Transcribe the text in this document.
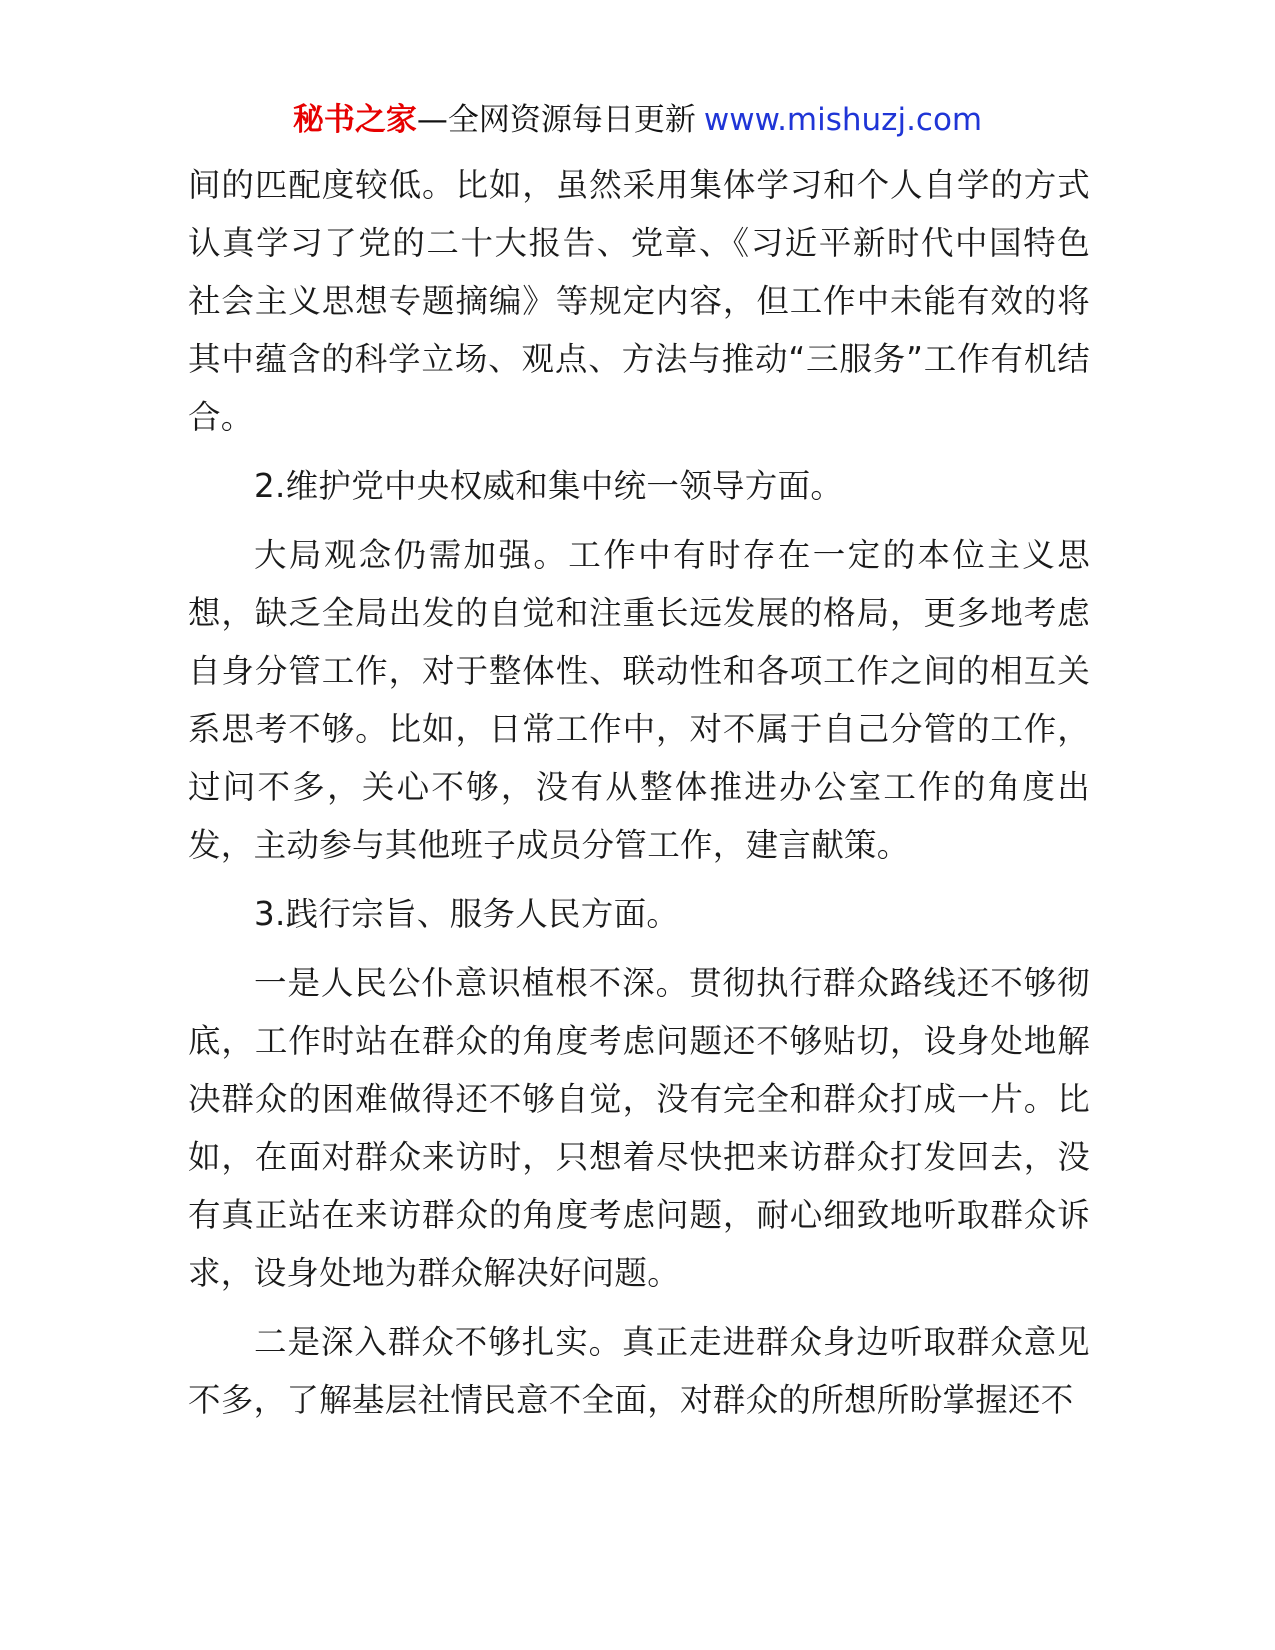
秘书之家—全网资源每日更新 www.mishuzj.com

间的匹配度较低。比如，虽然采用集体学习和个人自学的方式认真学习了党的二十大报告、党章、《习近平新时代中国特色社会主义思想专题摘编》等规定内容，但工作中未能有效的将其中蕴含的科学立场、观点、方法与推动“三服务”工作有机结合。

2.维护党中央权威和集中统一领导方面。

大局观念仍需加强。工作中有时存在一定的本位主义思想，缺乏全局出发的自觉和注重长远发展的格局，更多地考虑自身分管工作，对于整体性、联动性和各项工作之间的相互关系思考不够。比如，日常工作中，对不属于自己分管的工作，过问不多，关心不够，没有从整体推进办公室工作的角度出发，主动参与其他班子成员分管工作，建言献策。

3.践行宗旨、服务人民方面。

一是人民公仆意识植根不深。贯彻执行群众路线还不够彻底，工作时站在群众的角度考虑问题还不够贴切，设身处地解决群众的困难做得还不够自觉，没有完全和群众打成一片。比如，在面对群众来访时，只想着尽快把来访群众打发回去，没有真正站在来访群众的角度考虑问题，耐心细致地听取群众诉求，设身处地为群众解决好问题。

二是深入群众不够扎实。真正走进群众身边听取群众意见不多，了解基层社情民意不全面，对群众的所想所盼掌握还不
